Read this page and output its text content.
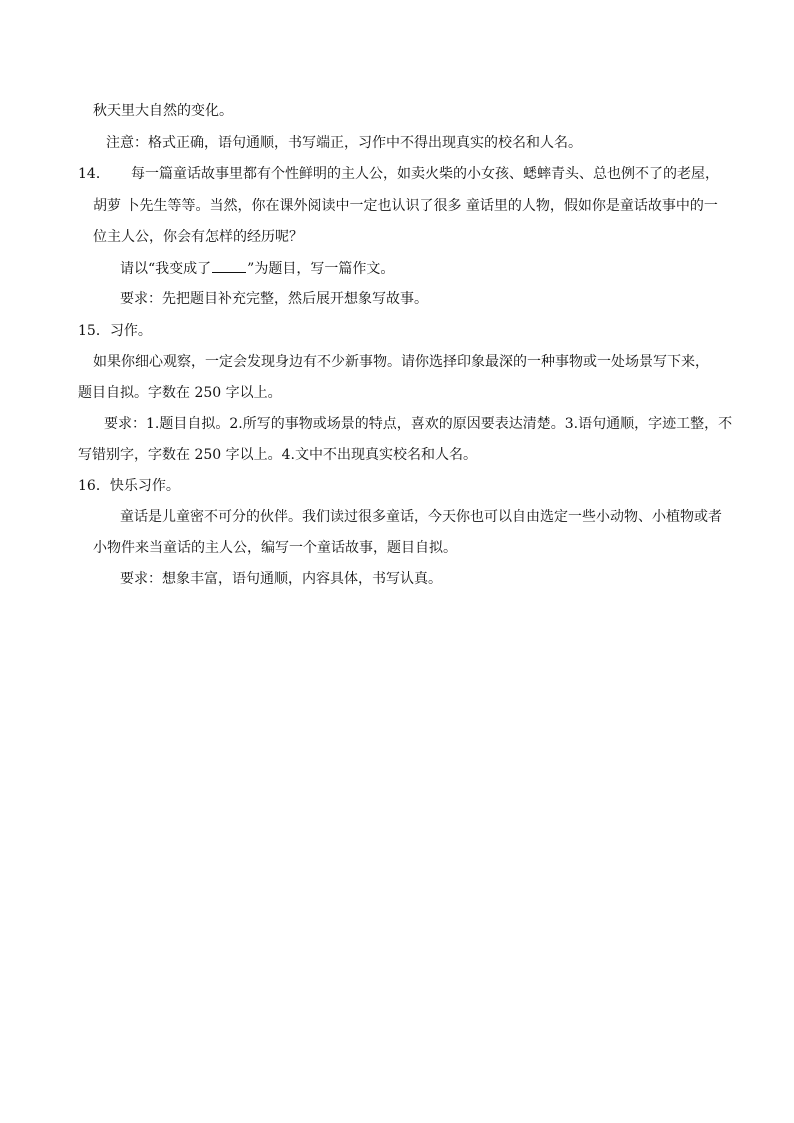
秋天里大自然的变化。
注意：格式正确，语句通顺，书写端正，习作中不得出现真实的校名和人名。
14． 每一篇童话故事里都有个性鲜明的主人公，如卖火柴的小女孩、蟋蟀青头、总也例不了的老屋，
胡萝 卜先生等等。当然，你在课外阅读中一定也认识了很多 童话里的人物，假如你是童话故事中的一
位主人公，你会有怎样的经历呢？
请以“我变成了	”为题目，写一篇作文。
要求：先把题目补充完整，然后展开想象写故事。
15．习作。
如果你细心观察，一定会发现身边有不少新事物。请你选择印象最深的一种事物或一处场景写下来，
题目自拟。字数在 250 字以上。
要求：1.题目自拟。2.所写的事物或场景的特点，喜欢的原因要表达清楚。3.语句通顺，字迹工整，不
写错别字，字数在 250 字以上。4.文中不出现真实校名和人名。
16．快乐习作。
童话是儿童密不可分的伙伴。我们读过很多童话，今天你也可以自由选定一些小动物、小植物或者
小物件来当童话的主人公，编写一个童话故事，题目自拟。
要求：想象丰富，语句通顺，内容具体，书写认真。
